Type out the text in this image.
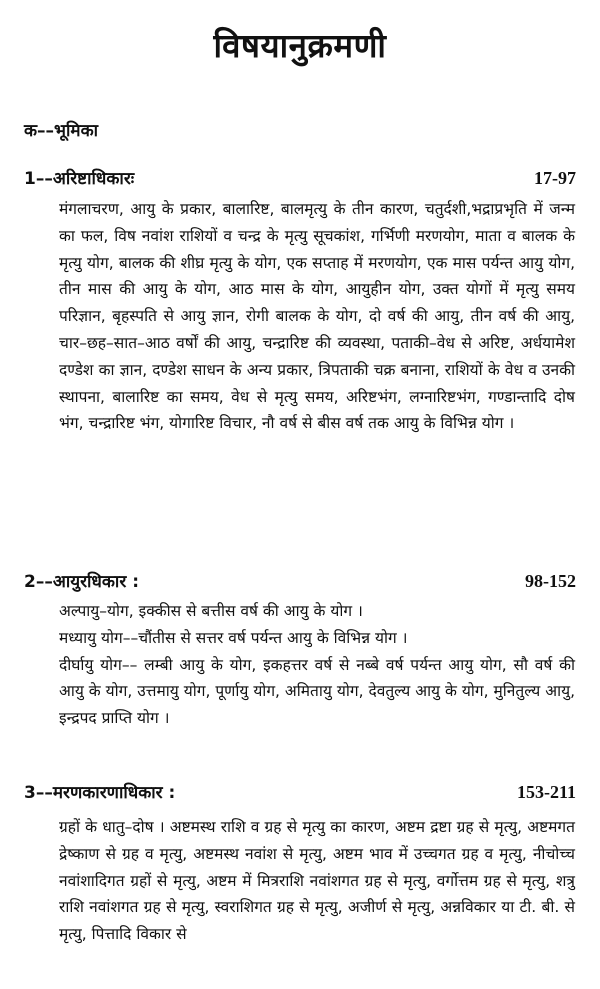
विषयानुक्रमणी
क––भूमिका
1––अरिष्टाधिकारः	17-97

मंगलाचरण, आयु के प्रकार, बालारिष्ट, बालमृत्यु के तीन कारण, चतुर्दशी,भद्राप्रभृति में जन्म का फल, विष नवांश राशियों व चन्द्र के मृत्यु सूचकांश, गर्भिणी मरणयोग, माता व बालक के मृत्यु योग, बालक की शीघ्र मृत्यु के योग, एक सप्ताह में मरणयोग, एक मास पर्यन्त आयु योग, तीन मास की आयु के योग, आठ मास के योग, आयुहीन योग, उक्त योगों में मृत्यु समय परिज्ञान, बृहस्पति से आयु ज्ञान, रोगी बालक के योग, दो वर्ष की आयु, तीन वर्ष की आयु, चार–छह–सात–आठ वर्षों की आयु, चन्द्रारिष्ट की व्यवस्था, पताकी–वेध से अरिष्ट, अर्धयामेश दण्डेश का ज्ञान, दण्डेश साधन के अन्य प्रकार, त्रिपताकी चक्र बनाना, राशियों के वेध व उनकी स्थापना, बालारिष्ट का समय, वेध से मृत्यु समय, अरिष्टभंग, लग्नारिष्टभंग, गण्डान्तादि दोष भंग, चन्द्रारिष्ट भंग, योगारिष्ट विचार, नौ वर्ष से बीस वर्ष तक आयु के विभिन्न योग ।

2––आयुरधिकार :	98-152

अल्पायु–योग, इक्कीस से बत्तीस वर्ष की आयु के योग ।

मध्यायु योग––चौंतीस से सत्तर वर्ष पर्यन्त आयु के विभिन्न योग ।

दीर्घायु योग–– लम्बी आयु के योग, इकहत्तर वर्ष से नब्बे वर्ष पर्यन्त आयु योग, सौ वर्ष की आयु के योग, उत्तमायु योग, पूर्णायु योग, अमितायु योग, देवतुल्य आयु के योग, मुनितुल्य आयु, इन्द्रपद प्राप्ति योग ।

3––मरणकारणाधिकार :	153-211

ग्रहों के धातु–दोष । अष्टमस्थ राशि व ग्रह से मृत्यु का कारण, अष्टम द्रष्टा ग्रह से मृत्यु, अष्टमगत द्रेष्काण से ग्रह व मृत्यु, अष्टमस्थ नवांश से मृत्यु, अष्टम भाव में उच्चगत ग्रह व मृत्यु, नीचोच्च नवांशादिगत ग्रहों से मृत्यु, अष्टम में मित्रराशि नवांशगत ग्रह से मृत्यु, वर्गोत्तम ग्रह से मृत्यु, शत्रु राशि नवांशगत ग्रह से मृत्यु, स्वराशिगत ग्रह से मृत्यु, अजीर्ण से मृत्यु, अन्नविकार या टी. बी. से मृत्यु, पित्तादि विकार से
